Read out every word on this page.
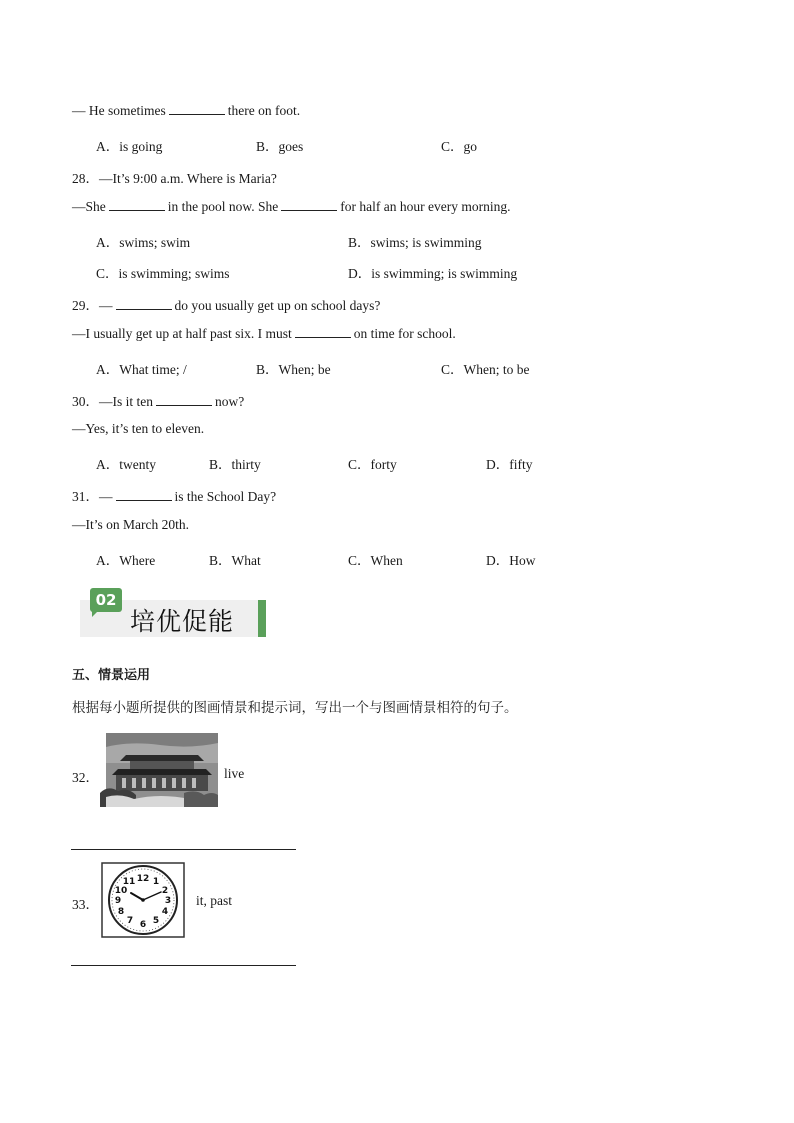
— He sometimes	there on foot.
A．is going	B．goes	C．go
28．—It’s 9:00 a.m. Where is Maria?
—She	in the pool now. She	for half an hour every morning.
A．swims; swim	B．swims; is swimming
C．is swimming; swims	D．is swimming; is swimming
29．—	do you usually get up on school days?
—I usually get up at half past six. I must	on time for school.
A．What time; /	B．When; be	C．When; to be
30．—Is it ten	now?
—Yes, it’s ten to eleven.
A．twenty	B．thirty	C．forty	D．fifty
31．—	is the School Day?
—It’s on March 20th.
A．Where	B．What	C．When	D．How
02
培优促能
五、情景运用
根据每小题所提供的图画情景和提示词，写出一个与图画情景相符的句子。
32．	live
33．
12 1
2
3
4
5
6
7
8
9
10
11
it, past
